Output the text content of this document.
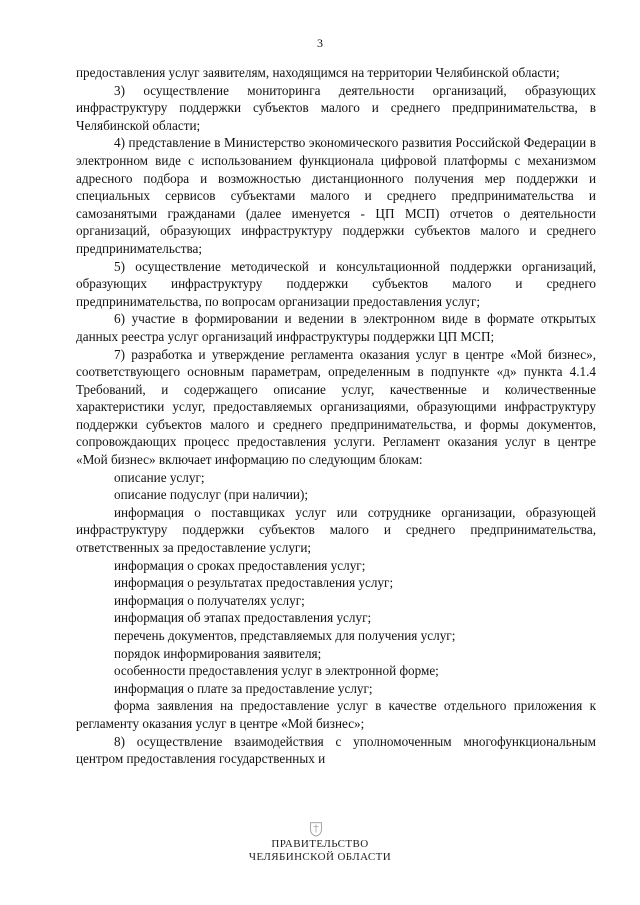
3

предоставления услуг заявителям, находящимся на территории Челябинской области;

3) осуществление мониторинга деятельности организаций, образующих инфраструктуру поддержки субъектов малого и среднего предпринимательства, в Челябинской области;

4) представление в Министерство экономического развития Российской Федерации в электронном виде с использованием функционала цифровой платформы с механизмом адресного подбора и возможностью дистанционного получения мер поддержки и специальных сервисов субъектами малого и среднего предпринимательства и самозанятыми гражданами (далее именуется - ЦП МСП) отчетов о деятельности организаций, образующих инфраструктуру поддержки субъектов малого и среднего предпринимательства;

5) осуществление методической и консультационной поддержки организаций, образующих инфраструктуру поддержки субъектов малого и среднего предпринимательства, по вопросам организации предоставления услуг;

6) участие в формировании и ведении в электронном виде в формате открытых данных реестра услуг организаций инфраструктуры поддержки ЦП МСП;

7) разработка и утверждение регламента оказания услуг в центре «Мой бизнес», соответствующего основным параметрам, определенным в подпункте «д» пункта 4.1.4 Требований, и содержащего описание услуг, качественные и количественные характеристики услуг, предоставляемых организациями, образующими инфраструктуру поддержки субъектов малого и среднего предпринимательства, и формы документов, сопровождающих процесс предоставления услуги. Регламент оказания услуг в центре «Мой бизнес» включает информацию по следующим блокам:

описание услуг;

описание подуслуг (при наличии);

информация о поставщиках услуг или сотруднике организации, образующей инфраструктуру поддержки субъектов малого и среднего предпринимательства, ответственных за предоставление услуги;

информация о сроках предоставления услуг;

информация о результатах предоставления услуг;

информация о получателях услуг;

информация об этапах предоставления услуг;

перечень документов, представляемых для получения услуг;

порядок информирования заявителя;

особенности предоставления услуг в электронной форме;

информация о плате за предоставление услуг;

форма заявления на предоставление услуг в качестве отдельного приложения к регламенту оказания услуг в центре «Мой бизнес»;

8) осуществление взаимодействия с уполномоченным многофункциональным центром предоставления государственных и

ПРАВИТЕЛЬСТВО
ЧЕЛЯБИНСКОЙ ОБЛАСТИ
